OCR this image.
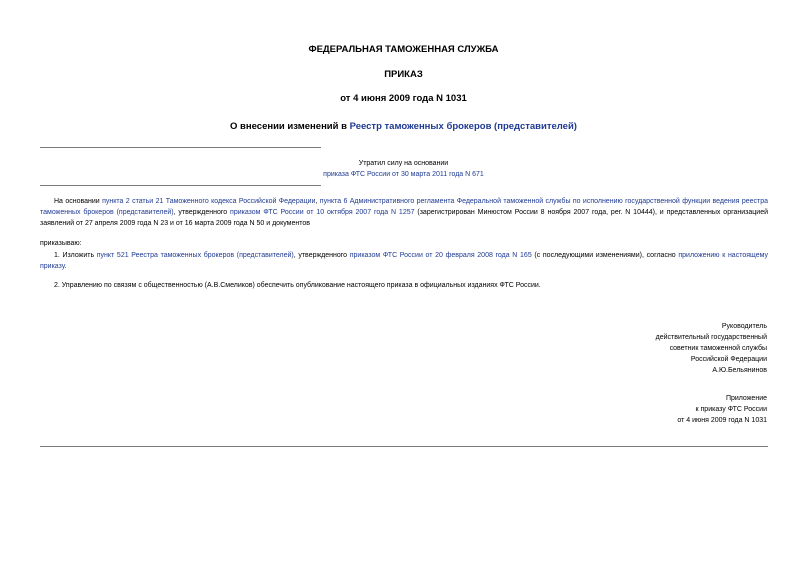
ФЕДЕРАЛЬНАЯ ТАМОЖЕННАЯ СЛУЖБА
ПРИКАЗ
от 4 июня 2009 года N 1031
О внесении изменений в Реестр таможенных брокеров (представителей)
Утратил силу на основании
приказа ФТС России от 30 марта 2011 года N 671
На основании пункта 2 статьи 21 Таможенного кодекса Российской Федерации, пункта 6 Административного регламента Федеральной таможенной службы по исполнению государственной функции ведения реестра таможенных брокеров (представителей), утвержденного приказом ФТС России от 10 октября 2007 года N 1257 (зарегистрирован Минюстом России 8 ноября 2007 года, рег. N 10444), и представленных организацией заявлений от 27 апреля 2009 года N 23 и от 16 марта 2009 года N 50 и документов
приказываю:
1. Изложить пункт 521 Реестра таможенных брокеров (представителей), утвержденного приказом ФТС России от 20 февраля 2008 года N 165 (с последующими изменениями), согласно приложению к настоящему приказу.
2. Управлению по связям с общественностью (А.В.Смеликов) обеспечить опубликование настоящего приказа в официальных изданиях ФТС России.
Руководитель
действительный государственный
советник таможенной службы
Российской Федерации
А.Ю.Бельянинов
Приложение
к приказу ФТС России
от 4 июня 2009 года N 1031
